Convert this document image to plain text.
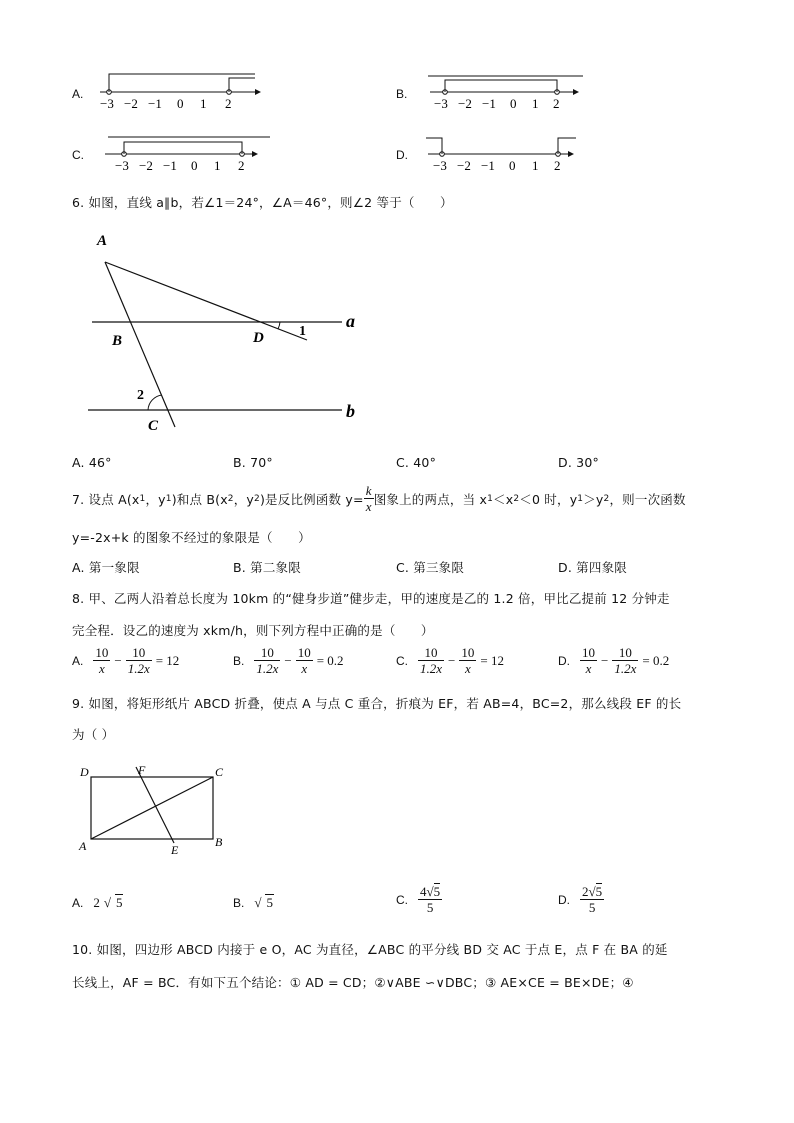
A.
−3 −2 −1 0 1 2
B.
−3 −2 −1 0 1 2
C.
−3 −2 −1 0 1 2
D.
−3 −2 −1 0 1 2
6. 如图，直线 a∥b，若∠1＝24°，∠A＝46°，则∠2 等于（　　）
A
B	D	1
a
2
C
b
A. 46°	B. 70°	C. 40°	D. 30°
7. 设点 A(x 1 ，y 1 )和点 B(x 2 ，y 2 )是反比例函数 $y= \frac{k}{x}$ 图象上的两点，当 x 1 ＜x 2 ＜0 时，y 1 ＞y 2 ，则一次函数
y=-2x+k 的图象不经过的象限是（　　）
A. 第一象限	B. 第二象限	C. 第三象限	D. 第四象限
8. 甲、乙两人沿着总长度为 10km 的“健身步道”健步走，甲的速度是乙的 1.2 倍，甲比乙提前 12 分钟走
完全程．设乙的速度为 xkm/h，则下列方程中正确的是（　　）
A. $\frac{10}{x} - \frac{10}{1.2x} = 12$	B. $\frac{10}{1.2x} - \frac{10}{x} = 0.2$	C. $\frac{10}{1.2x} - \frac{10}{x} = 12$	D. $\frac{10}{x} - \frac{10}{1.2x} = 0.2$
9. 如图，将矩形纸片 ABCD 折叠，使点 A 与点 C 重合，折痕为 EF，若 AB=4，BC=2，那么线段 EF 的长
为（ ）
D	F	C
A	E
B
A. 2 √ 5	B. √ 5	C. $\frac{4√5}{5}$	D. $\frac{2√5}{5}$
10. 如图，四边形 ABCD 内接于 e O，AC 为直径，∠ABC 的平分线 BD 交 AC 于点 E，点 F 在 BA 的延
长线上，AF = BC．有如下五个结论：① AD = CD；②∨ABE ∽∨DBC；③ AE×CE = BE×DE；④
